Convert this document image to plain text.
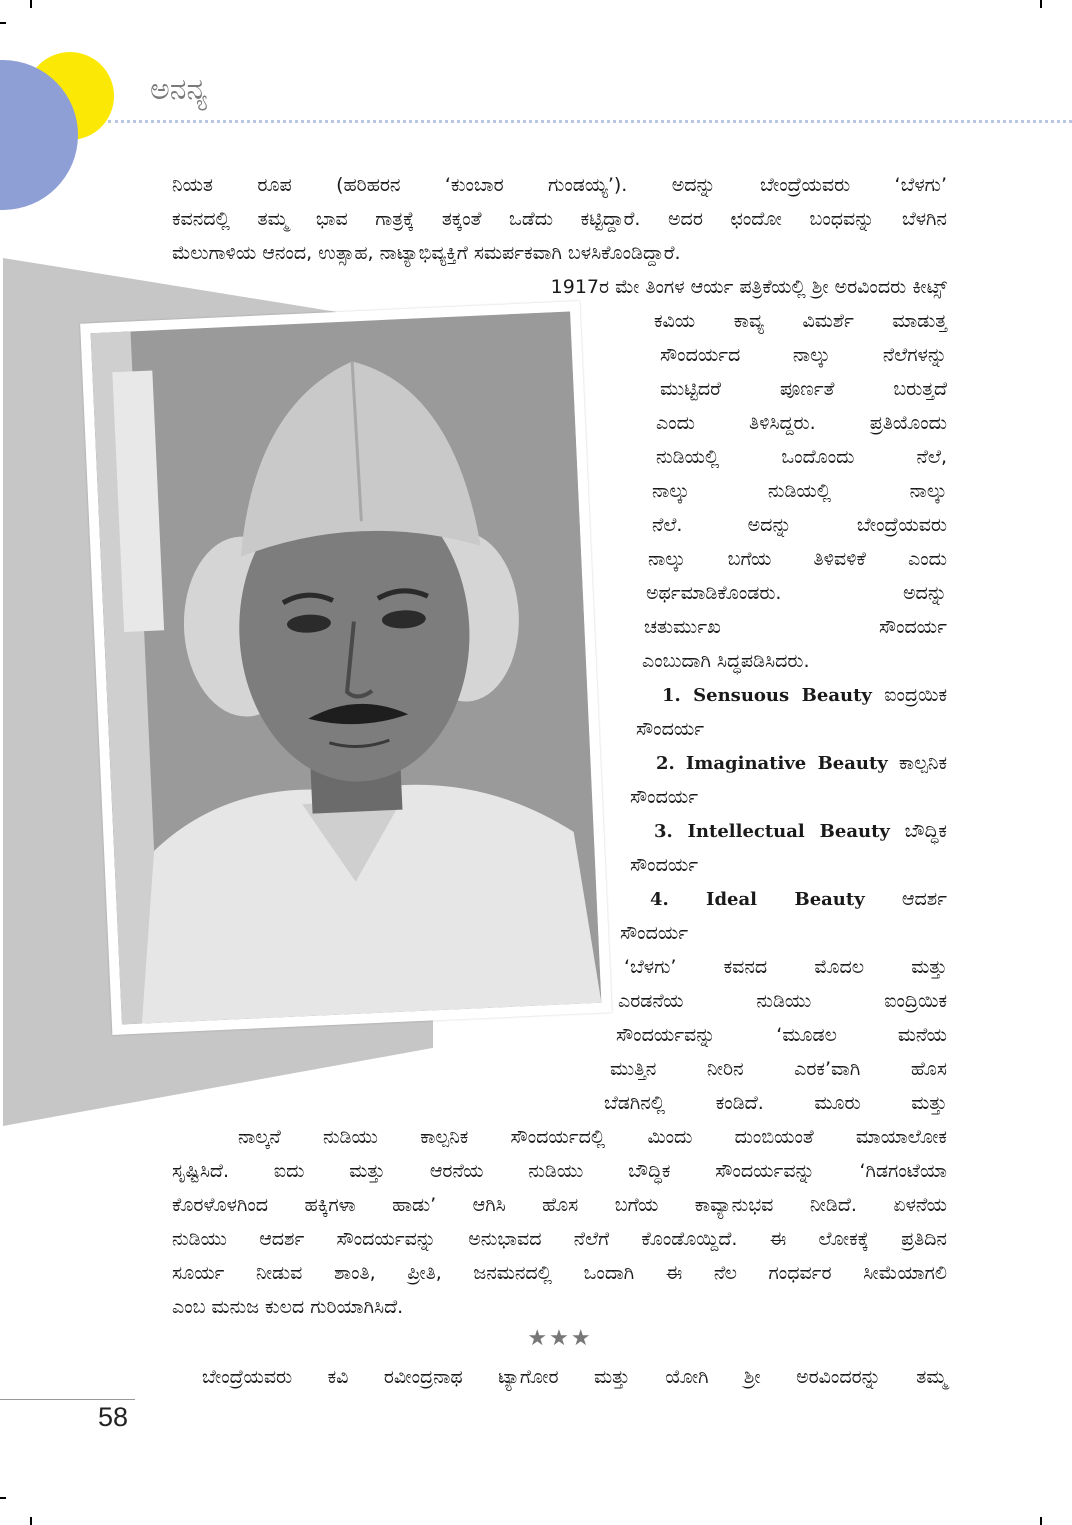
ಅನನ್ಯ
ನಿಯತ ರೂಪ (ಹರಿಹರನ ‘ಕುಂಬಾರ ಗುಂಡಯ್ಯ’). ಅದನ್ನು ಬೇಂದ್ರೆಯವರು ‘ಬೆಳಗು’
ಕವನದಲ್ಲಿ ತಮ್ಮ ಭಾವ ಗಾತ್ರಕ್ಕೆ ತಕ್ಕಂತೆ ಒಡೆದು ಕಟ್ಟಿದ್ದಾರೆ. ಅದರ ಛಂದೋ ಬಂಧವನ್ನು ಬೆಳಗಿನ
ಮೆಲುಗಾಳಿಯ ಆನಂದ, ಉತ್ಸಾಹ, ನಾಟ್ಯಾಭಿವ್ಯಕ್ತಿಗೆ ಸಮರ್ಪಕವಾಗಿ ಬಳಸಿಕೊಂಡಿದ್ದಾರೆ.
1917ರ ಮೇ ತಿಂಗಳ ಆರ್ಯ ಪತ್ರಿಕೆಯಲ್ಲಿ ಶ್ರೀ ಅರವಿಂದರು ಕೀಟ್ಸ್
ಕವಿಯ ಕಾವ್ಯ ವಿಮರ್ಶೆ ಮಾಡುತ್ತ
ಸೌಂದರ್ಯದ ನಾಲ್ಕು ನೆಲೆಗಳನ್ನು
ಮುಟ್ಟಿದರೆ ಪೂರ್ಣತೆ ಬರುತ್ತದೆ
ಎಂದು ತಿಳಿಸಿದ್ದರು. ಪ್ರತಿಯೊಂದು
ನುಡಿಯಲ್ಲಿ ಒಂದೊಂದು ನೆಲೆ,
ನಾಲ್ಕು ನುಡಿಯಲ್ಲಿ ನಾಲ್ಕು
ನೆಲೆ. ಅದನ್ನು ಬೇಂದ್ರೆಯವರು
ನಾಲ್ಕು ಬಗೆಯ ತಿಳಿವಳಿಕೆ ಎಂದು
ಅರ್ಥಮಾಡಿಕೊಂಡರು. ಅದನ್ನು
ಚತುರ್ಮುಖ ಸೌಂದರ್ಯ
ಎಂಬುದಾಗಿ ಸಿದ್ಧಪಡಿಸಿದರು.
1. Sensuous Beauty ಐಂದ್ರಯಿಕ
ಸೌಂದರ್ಯ
2. Imaginative Beauty ಕಾಲ್ಪನಿಕ
ಸೌಂದರ್ಯ
3. Intellectual Beauty ಬೌದ್ಧಿಕ
ಸೌಂದರ್ಯ
4. Ideal Beauty ಆದರ್ಶ
ಸೌಂದರ್ಯ
‘ಬೆಳಗು’ ಕವನದ ಮೊದಲ ಮತ್ತು
ಎರಡನೆಯ ನುಡಿಯು ಐಂದ್ರಿಯಿಕ
ಸೌಂದರ್ಯವನ್ನು ‘ಮೂಡಲ ಮನೆಯ
ಮುತ್ತಿನ ನೀರಿನ ಎರಕ’ವಾಗಿ ಹೊಸ
ಬೆಡಗಿನಲ್ಲಿ ಕಂಡಿದೆ. ಮೂರು ಮತ್ತು
ನಾಲ್ಕನೆ ನುಡಿಯು ಕಾಲ್ಪನಿಕ ಸೌಂದರ್ಯದಲ್ಲಿ ಮಿಂದು ದುಂಬಿಯಂತೆ ಮಾಯಾಲೋಕ
ಸೃಷ್ಟಿಸಿದೆ. ಐದು ಮತ್ತು ಆರನೆಯ ನುಡಿಯು ಬೌದ್ಧಿಕ ಸೌಂದರ್ಯವನ್ನು ‘ಗಿಡಗಂಟೆಯಾ
ಕೊರಳೊಳಗಿಂದ ಹಕ್ಕಿಗಳಾ ಹಾಡು’ ಆಗಿಸಿ ಹೊಸ ಬಗೆಯ ಕಾವ್ಯಾನುಭವ ನೀಡಿದೆ. ಏಳನೆಯ
ನುಡಿಯು ಆದರ್ಶ ಸೌಂದರ್ಯವನ್ನು ಅನುಭಾವದ ನೆಲೆಗೆ ಕೊಂಡೊಯ್ದಿದೆ. ಈ ಲೋಕಕ್ಕೆ ಪ್ರತಿದಿನ
ಸೂರ್ಯ ನೀಡುವ ಶಾಂತಿ, ಪ್ರೀತಿ, ಜನಮನದಲ್ಲಿ ಒಂದಾಗಿ ಈ ನೆಲ ಗಂಧರ್ವರ ಸೀಮೆಯಾಗಲಿ
ಎಂಬ ಮನುಜ ಕುಲದ ಗುರಿಯಾಗಿಸಿದೆ.
★★★
ಬೇಂದ್ರೆಯವರು ಕವಿ ರವೀಂದ್ರನಾಥ ಟ್ಯಾಗೋರ ಮತ್ತು ಯೋಗಿ ಶ್ರೀ ಅರವಿಂದರನ್ನು ತಮ್ಮ
58
